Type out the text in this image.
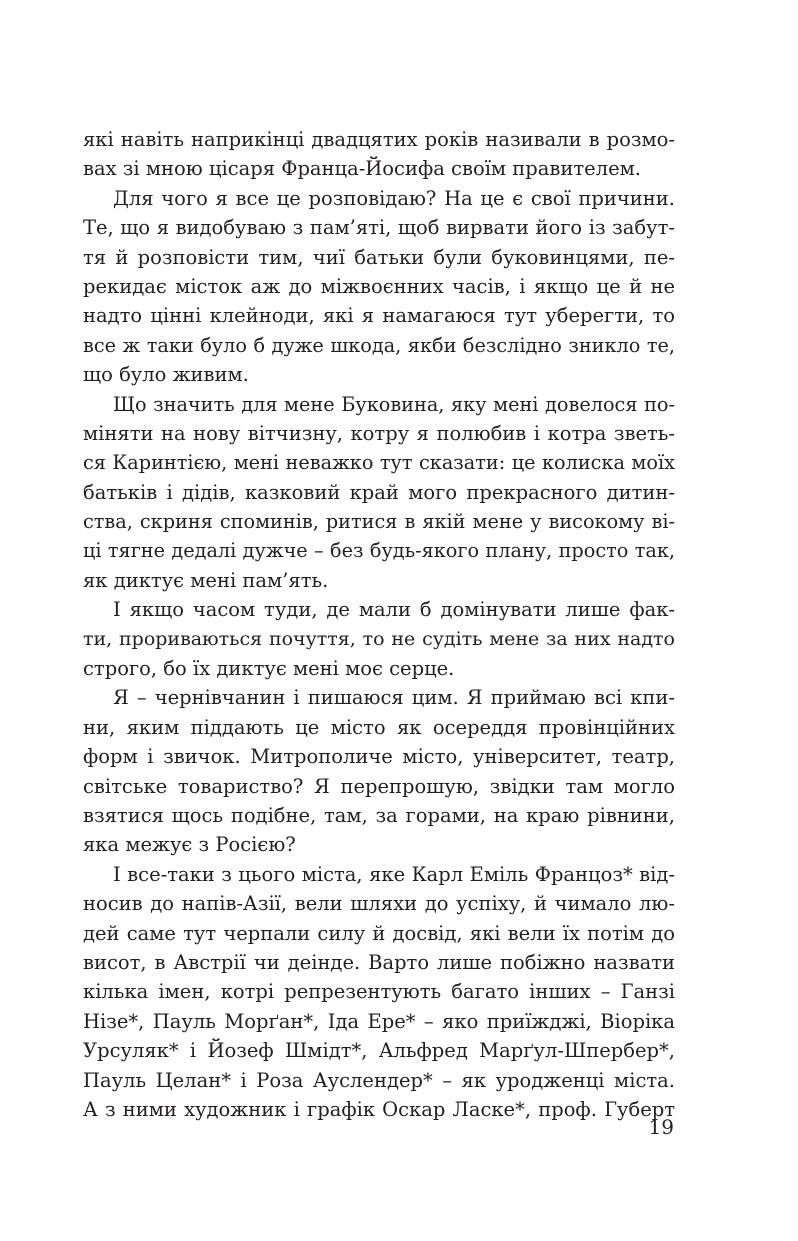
які навіть наприкінці двадцятих років називали в розмо-
вах зі мною цісаря Франца-Йосифа своїм правителем.
Для чого я все це розповідаю? На це є свої причини.
Те, що я видобуваю з пам’яті, щоб вирвати його із забут-
тя й розповісти тим, чиї батьки були буковинцями, пе-
рекидає місток аж до міжвоєнних часів, і якщо це й не
надто цінні клейноди, які я намагаюся тут уберегти, то
все ж таки було б дуже шкода, якби безслідно зникло те,
що було живим.
Що значить для мене Буковина, яку мені довелося по-
міняти на нову вітчизну, котру я полюбив і котра зветь-
ся Каринтією, мені неважко тут сказати: це колиска моїх
батьків і дідів, казковий край мого прекрасного дитин-
ства, скриня споминів, ритися в якій мене у високому ві-
ці тягне дедалі дужче – без будь-якого плану, просто так,
як диктує мені пам’ять.
І якщо часом туди, де мали б домінувати лише фак-
ти, прориваються почуття, то не судіть мене за них надто
строго, бо їх диктує мені моє серце.
Я – чернівчанин і пишаюся цим. Я приймаю всі кпи-
ни, яким піддають це місто як осереддя провінційних
форм і звичок. Митрополиче місто, університет, театр,
світське товариство? Я перепрошую, звідки там могло
взятися щось подібне, там, за горами, на краю рівнини,
яка межує з Росією?
І все-таки з цього міста, яке Карл Еміль Францоз* від-
носив до напів-Азії, вели шляхи до успіху, й чимало лю-
дей саме тут черпали силу й досвід, які вели їх потім до
висот, в Австрії чи деінде. Варто лише побіжно назвати
кілька імен, котрі репрезентують багато інших – Ганзі
Нізе*, Пауль Морґан*, Іда Ере* – яко приїжджі, Віоріка
Урсуляк* і Йозеф Шмідт*, Альфред Марґул-Шпербер*,
Пауль Целан* і Роза Ауслендер* – як уродженці міста.
А з ними художник і графік Оскар Ласке*, проф. Губерт
19
